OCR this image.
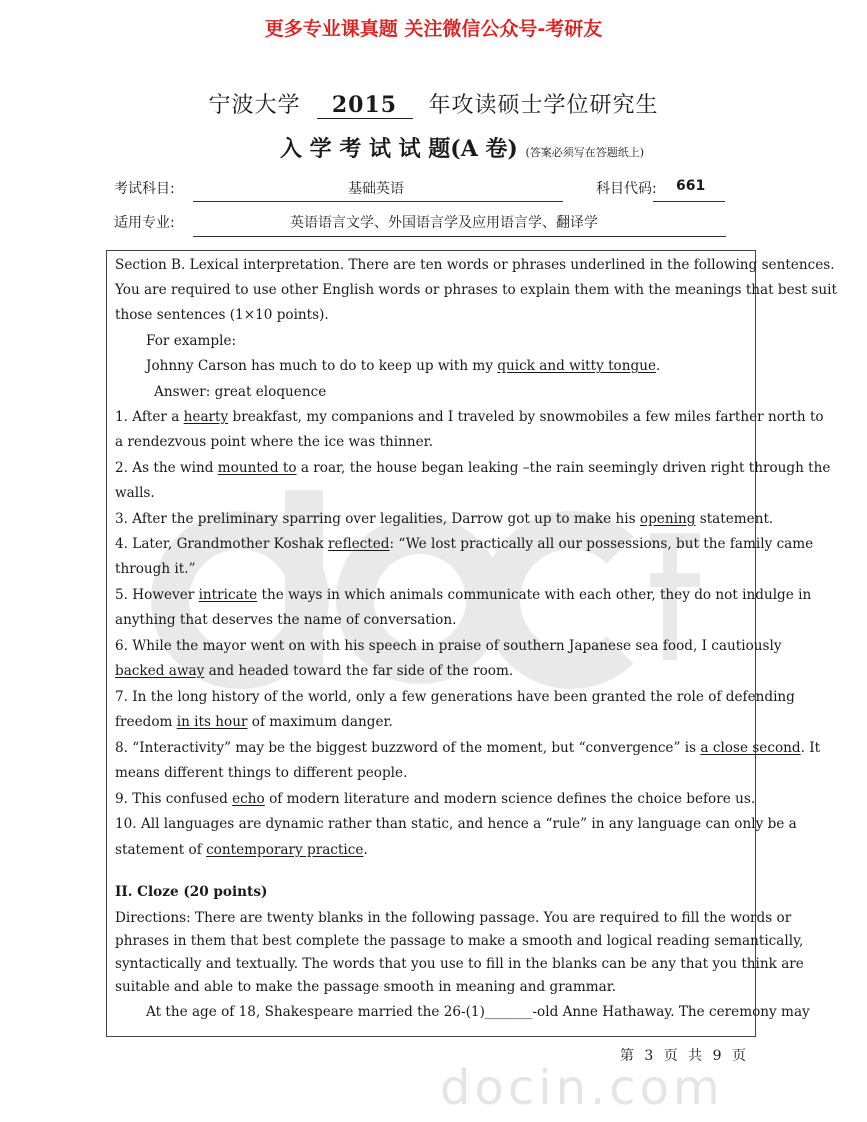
更多专业课真题 关注微信公众号-考研友
宁波大学 2015 年攻读硕士学位研究生
入 学 考 试 试 题(A 卷) (答案必须写在答题纸上)
考试科目:	基础英语	科目代码: 661
适用专业:	英语语言文学、外国语言学及应用语言学、翻译学
Section B. Lexical interpretation. There are ten words or phrases underlined in the following sentences.
You are required to use other English words or phrases to explain them with the meanings that best suit
those sentences (1×10 points).
For example:
Johnny Carson has much to do to keep up with my quick and witty tongue.
Answer: great eloquence
1. After a hearty breakfast, my companions and I traveled by snowmobiles a few miles farther north to
a rendezvous point where the ice was thinner.
2. As the wind mounted to a roar, the house began leaking –the rain seemingly driven right through the
walls.
3. After the preliminary sparring over legalities, Darrow got up to make his opening statement.
4. Later, Grandmother Koshak reflected: “We lost practically all our possessions, but the family came
through it.”
5. However intricate the ways in which animals communicate with each other, they do not indulge in
anything that deserves the name of conversation.
6. While the mayor went on with his speech in praise of southern Japanese sea food, I cautiously
backed away and headed toward the far side of the room.
7. In the long history of the world, only a few generations have been granted the role of defending
freedom in its hour of maximum danger.
8. “Interactivity” may be the biggest buzzword of the moment, but “convergence” is a close second. It
means different things to different people.
9. This confused echo of modern literature and modern science defines the choice before us.
10. All languages are dynamic rather than static, and hence a “rule” in any language can only be a
statement of contemporary practice.
II. Cloze (20 points)
Directions: There are twenty blanks in the following passage. You are required to fill the words or
phrases in them that best complete the passage to make a smooth and logical reading semantically,
syntactically and textually. The words that you use to fill in the blanks can be any that you think are
suitable and able to make the passage smooth in meaning and grammar.
At the age of 18, Shakespeare married the 26-(1)_______-old Anne Hathaway. The ceremony may
第 3 页 共 9 页
docin.com
